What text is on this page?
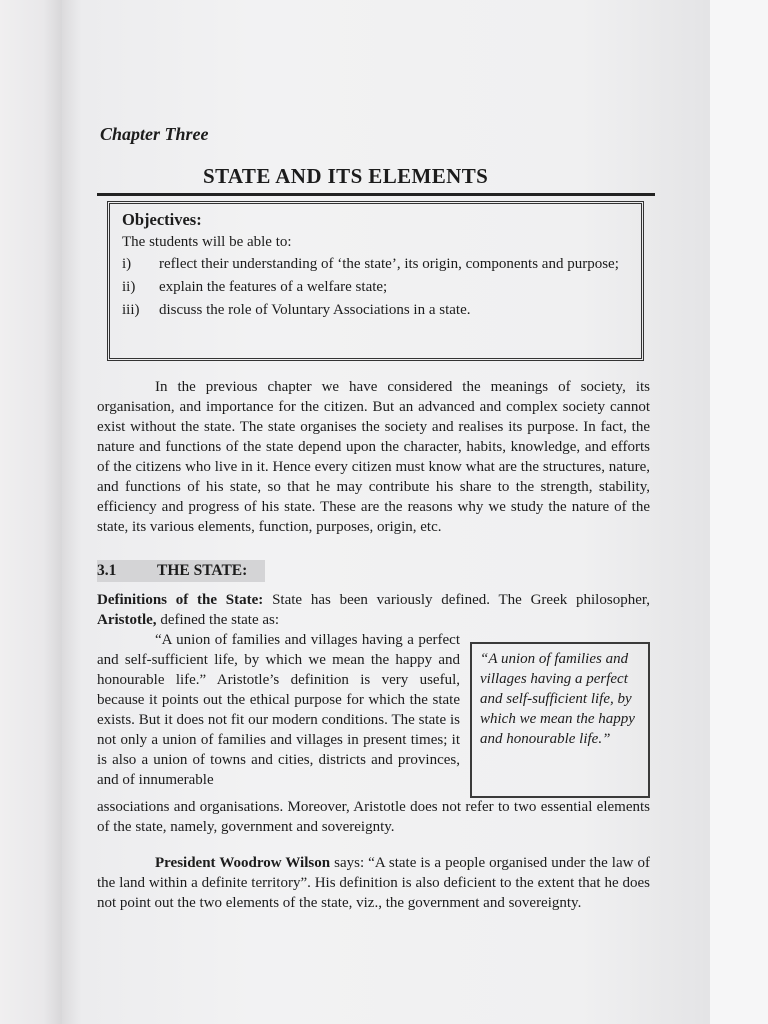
Chapter Three
STATE AND ITS ELEMENTS
Objectives:
The students will be able to:
i)	reflect their understanding of ‘the state’, its origin, components and purpose;
ii)	explain the features of a welfare state;
iii)	discuss the role of Voluntary Associations in a state.
In the previous chapter we have considered the meanings of society, its organisation, and importance for the citizen. But an advanced and complex society cannot exist without the state. The state organises the society and realises its purpose. In fact, the nature and functions of the state depend upon the character, habits, knowledge, and efforts of the citizens who live in it. Hence every citizen must know what are the structures, nature, and functions of his state, so that he may contribute his share to the strength, stability, efficiency and progress of his state. These are the reasons why we study the nature of the state, its various elements, function, purposes, origin, etc.
3.1	THE STATE:
Definitions of the State: State has been variously defined. The Greek philosopher, Aristotle, defined the state as:
“A union of families and villages having a perfect and self-sufficient life, by which we mean the happy and honourable life.” Aristotle’s definition is very useful, because it points out the ethical purpose for which the state exists. But it does not fit our modern conditions. The state is not only a union of families and villages in present times; it is also a union of towns and cities, districts and provinces, and of innumerable
“A union of families and villages having a perfect and self-sufficient life, by which we mean the happy and honourable life.”
associations and organisations. Moreover, Aristotle does not refer to two essential elements of the state, namely, government and sovereignty.
President Woodrow Wilson says: “A state is a people organised under the law of the land within a definite territory”. His definition is also deficient to the extent that he does not point out the two elements of the state, viz., the government and sovereignty.
